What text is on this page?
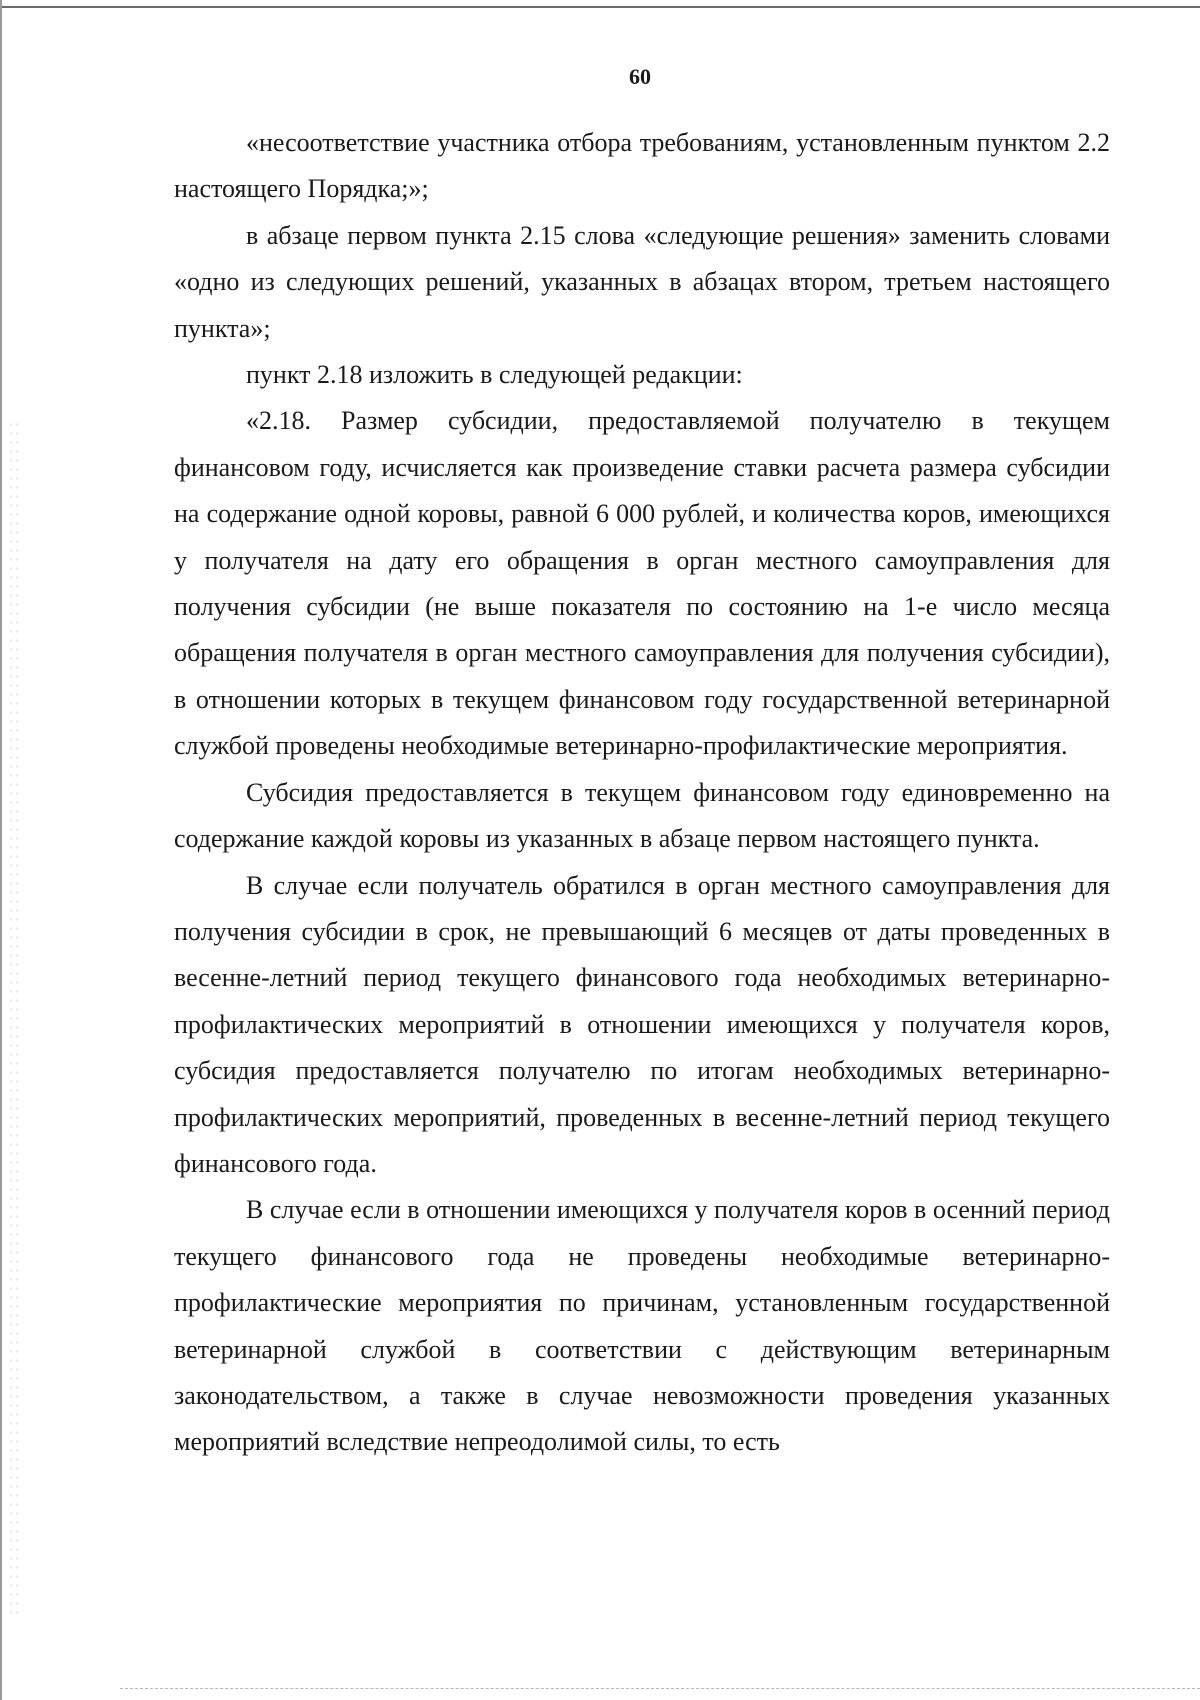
60

«несоответствие участника отбора требованиям, установленным пунктом 2.2 настоящего Порядка;»;

в абзаце первом пункта 2.15 слова «следующие решения» заменить словами «одно из следующих решений, указанных в абзацах втором, третьем настоящего пункта»;

пункт 2.18 изложить в следующей редакции:

«2.18. Размер субсидии, предоставляемой получателю в текущем финансовом году, исчисляется как произведение ставки расчета размера субсидии на содержание одной коровы, равной 6 000 рублей, и количества коров, имеющихся у получателя на дату его обращения в орган местного самоуправления для получения субсидии (не выше показателя по состоянию на 1-е число месяца обращения получателя в орган местного самоуправления для получения субсидии), в отношении которых в текущем финансовом году государственной ветеринарной службой проведены необходимые ветеринарно-профилактические мероприятия.

Субсидия предоставляется в текущем финансовом году единовременно на содержание каждой коровы из указанных в абзаце первом настоящего пункта.

В случае если получатель обратился в орган местного самоуправления для получения субсидии в срок, не превышающий 6 месяцев от даты проведенных в весенне-летний период текущего финансового года необходимых ветеринарно-профилактических мероприятий в отношении имеющихся у получателя коров, субсидия предоставляется получателю по итогам необходимых ветеринарно-профилактических мероприятий, проведенных в весенне-летний период текущего финансового года.

В случае если в отношении имеющихся у получателя коров в осенний период текущего финансового года не проведены необходимые ветеринарно-профилактические мероприятия по причинам, установленным государственной ветеринарной службой в соответствии с действующим ветеринарным законодательством, а также в случае невозможности проведения указанных мероприятий вследствие непреодолимой силы, то есть
